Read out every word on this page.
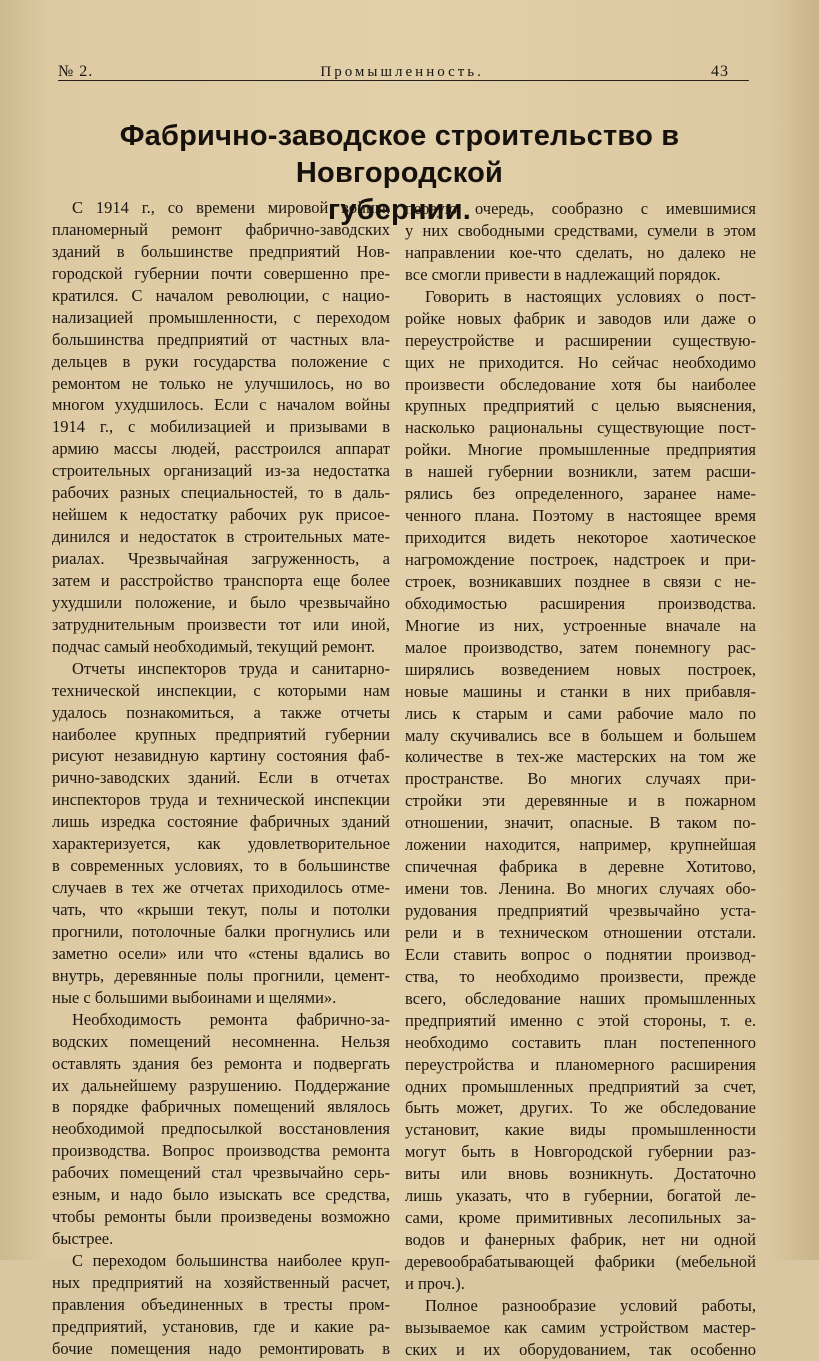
№ 2.	Промышленность.	43
Фабрично-заводское строительство в Новгородской
губернии.
С 1914 г., со времени мировой войны,
планомерный ремонт фабрично-заводских
зданий в большинстве предприятий Нов-
городской губернии почти совершенно пре-
кратился. С началом революции, с нацио-
нализацией промышленности, с переходом
большинства предприятий от частных вла-
дельцев в руки государства положение с
ремонтом не только не улучшилось, но во
многом ухудшилось. Если с началом войны
1914 г., с мобилизацией и призывами в
армию массы людей, расстроился аппарат
строительных организаций из-за недостатка
рабочих разных специальностей, то в даль-
нейшем к недостатку рабочих рук присое-
динился и недостаток в строительных мате-
риалах. Чрезвычайная загруженность, а
затем и расстройство транспорта еще более
ухудшили положение, и было чрезвычайно
затруднительным произвести тот или иной,
подчас самый необходимый, текущий ремонт.
Отчеты инспекторов труда и санитарно-
технической инспекции, с которыми нам
удалось познакомиться, а также отчеты
наиболее крупных предприятий губернии
рисуют незавидную картину состояния фаб-
рично-заводских зданий. Если в отчетах
инспекторов труда и технической инспекции
лишь изредка состояние фабричных зданий
характеризуется, как удовлетворительное
в современных условиях, то в большинстве
случаев в тех же отчетах приходилось отме-
чать, что «крыши текут, полы и потолки
прогнили, потолочные балки прогнулись или
заметно осели» или что «стены вдались во
внутрь, деревянные полы прогнили, цемент-
ные с большими выбоинами и щелями».
Необходимость ремонта фабрично-за-
водских помещений несомненна. Нельзя
оставлять здания без ремонта и подвергать
их дальнейшему разрушению. Поддержание
в порядке фабричных помещений являлось
необходимой предпосылкой восстановления
производства. Вопрос производства ремонта
рабочих помещений стал чрезвычайно серь-
езным, и надо было изыскать все средства,
чтобы ремонты были произведены возможно
быстрее.
С переходом большинства наиболее круп-
ных предприятий на хозяйственный расчет,
правления объединенных в тресты пром-
предприятий, установив, где и какие ра-
бочие помещения надо ремонтировать в
первую очередь, сообразно с имевшимися
у них свободными средствами, сумели в этом
направлении кое-что сделать, но далеко не
все смогли привести в надлежащий порядок.
Говорить в настоящих условиях о пост-
ройке новых фабрик и заводов или даже о
переустройстве и расширении существую-
щих не приходится. Но сейчас необходимо
произвести обследование хотя бы наиболее
крупных предприятий с целью выяснения,
насколько рациональны существующие пост-
ройки. Многие промышленные предприятия
в нашей губернии возникли, затем расши-
рялись без определенного, заранее наме-
ченного плана. Поэтому в настоящее время
приходится видеть некоторое хаотическое
нагромождение построек, надстроек и при-
строек, возникавших позднее в связи с не-
обходимостью расширения производства.
Многие из них, устроенные вначале на
малое производство, затем понемногу рас-
ширялись возведением новых построек,
новые машины и станки в них прибавля-
лись к старым и сами рабочие мало по
малу скучивались все в большем и большем
количестве в тех-же мастерских на том же
пространстве. Во многих случаях при-
стройки эти деревянные и в пожарном
отношении, значит, опасные. В таком по-
ложении находится, например, крупнейшая
спичечная фабрика в деревне Хотитово,
имени тов. Ленина. Во многих случаях обо-
рудования предприятий чрезвычайно уста-
рели и в техническом отношении отстали.
Если ставить вопрос о поднятии производ-
ства, то необходимо произвести, прежде
всего, обследование наших промышленных
предприятий именно с этой стороны, т. е.
необходимо составить план постепенного
переустройства и планомерного расширения
одних промышленных предприятий за счет,
быть может, других. То же обследование
установит, какие виды промышленности
могут быть в Новгородской губернии раз-
виты или вновь возникнуть. Достаточно
лишь указать, что в губернии, богатой ле-
сами, кроме примитивных лесопильных за-
водов и фанерных фабрик, нет ни одной
деревообрабатывающей фабрики (мебельной
и проч.).
Полное разнообразие условий работы,
вызываемое как самим устройством мастер-
ских и их оборудованием, так особенно
